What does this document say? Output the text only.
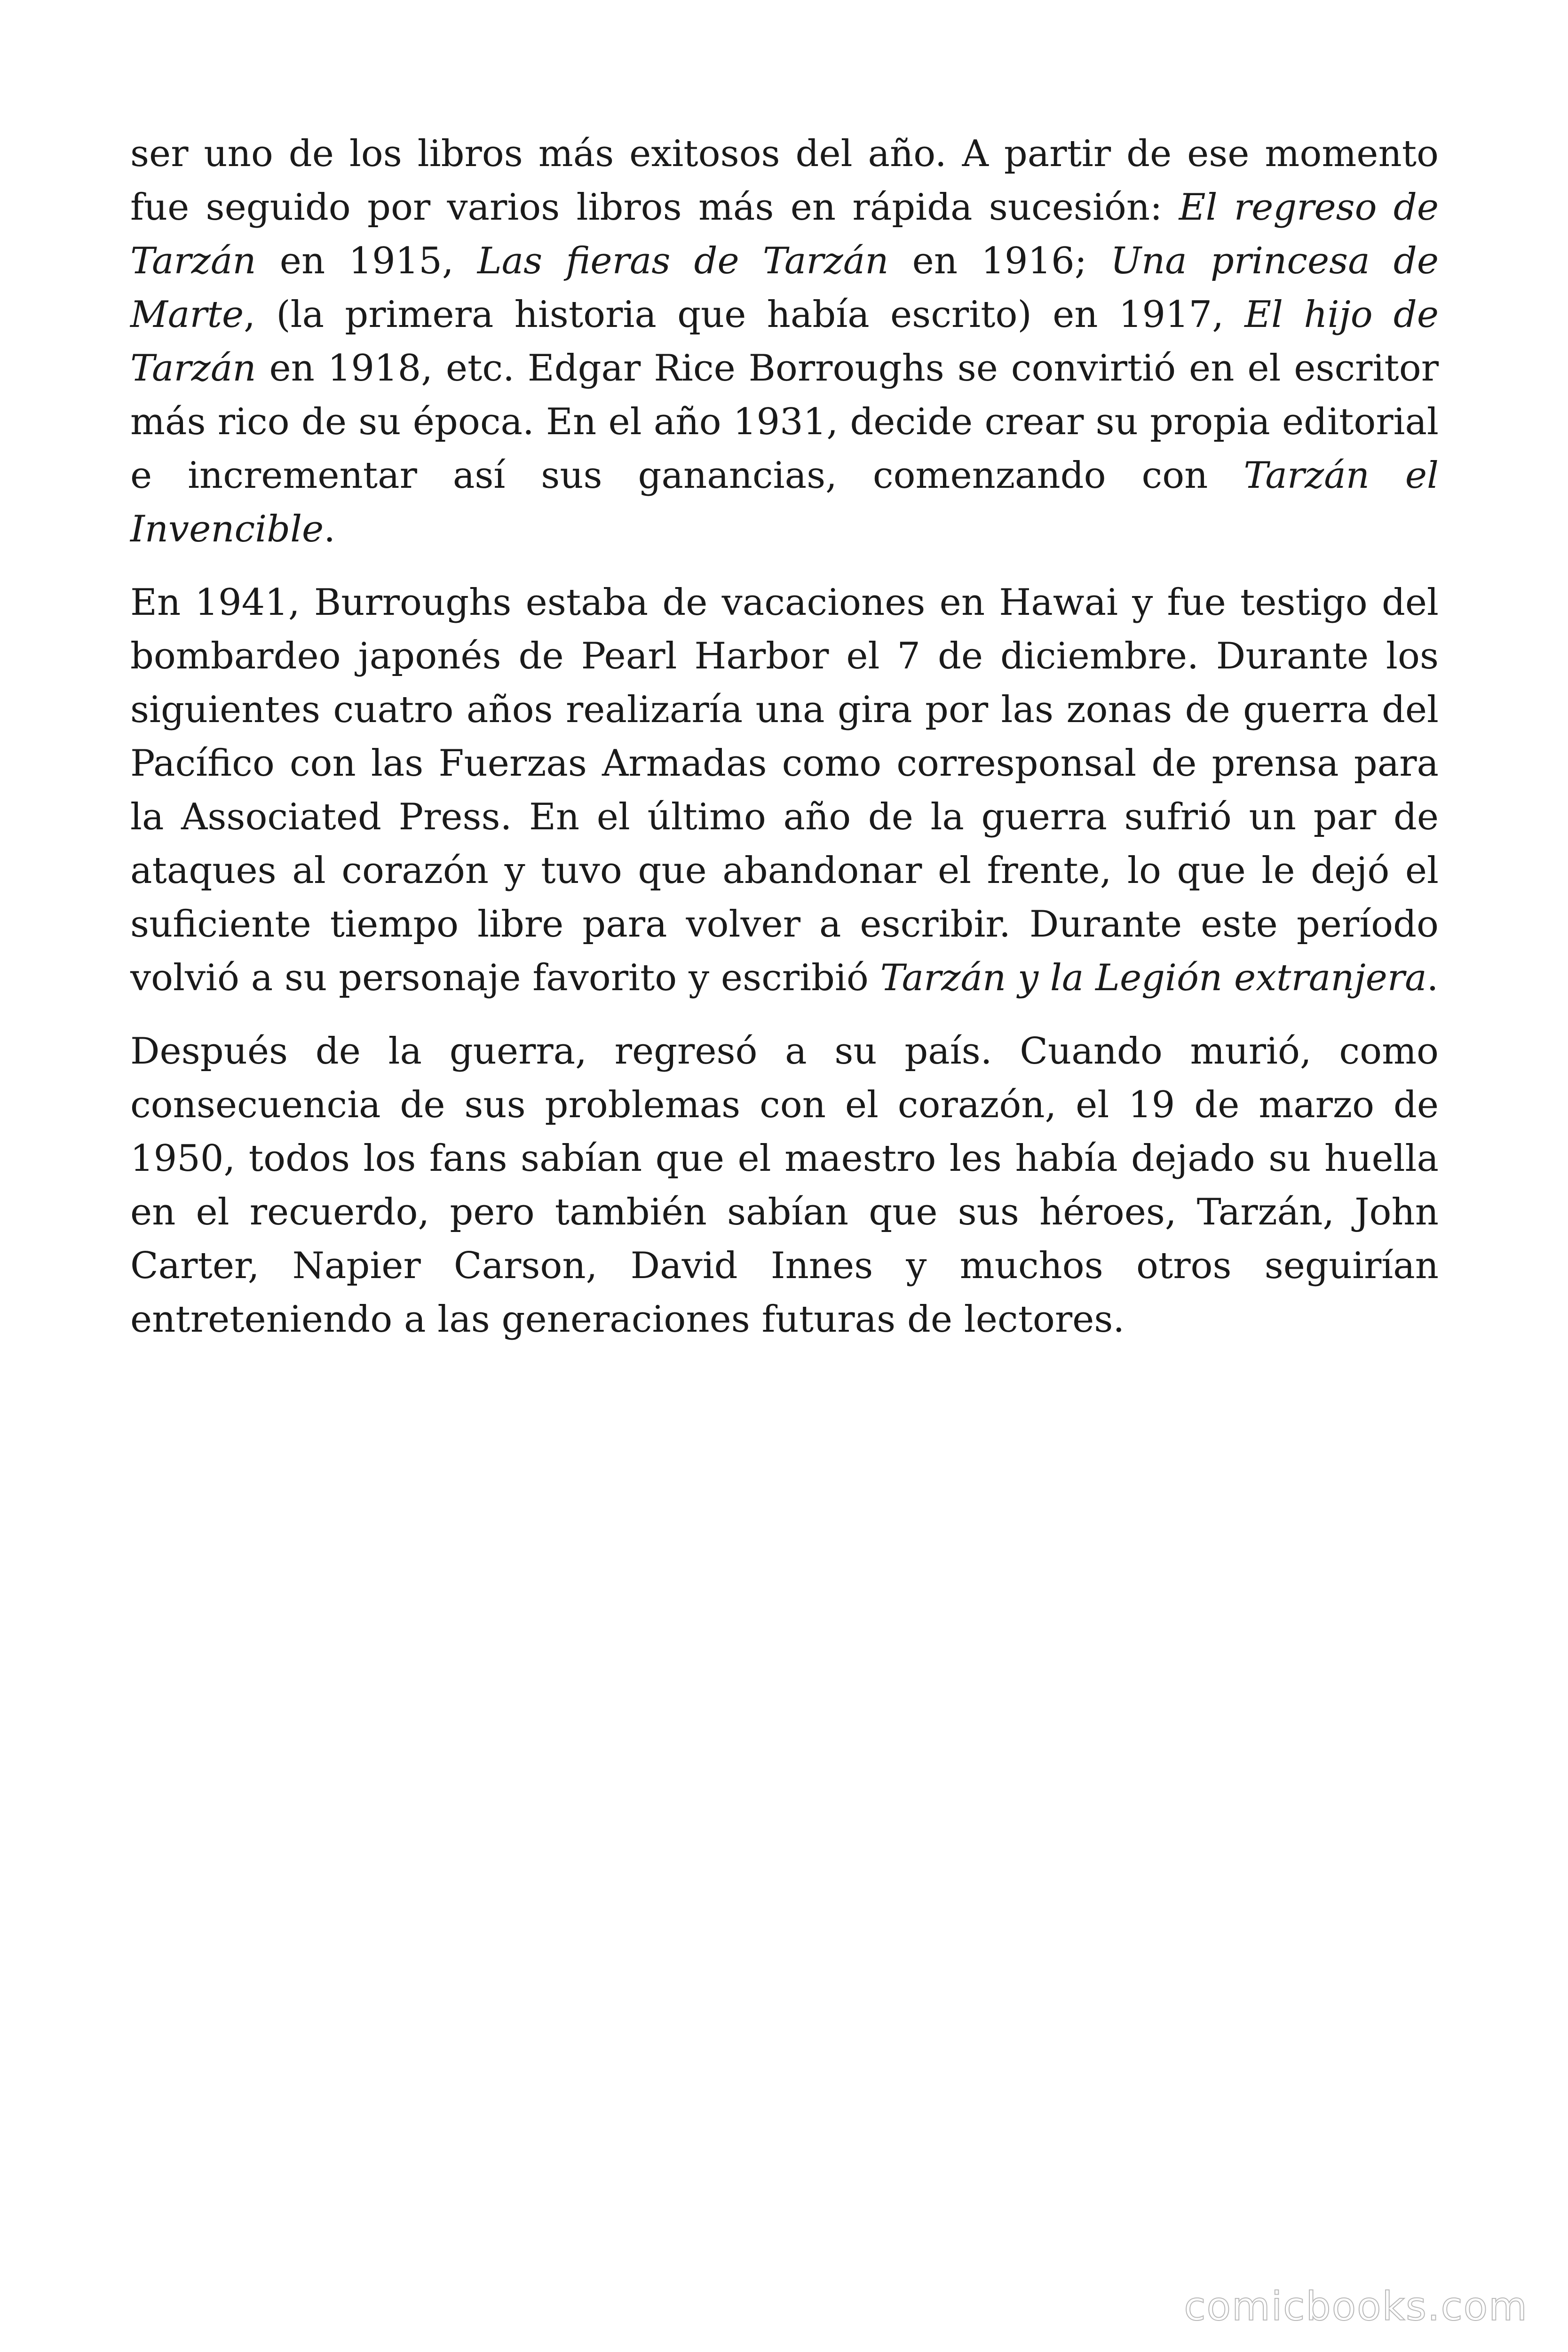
ser uno de los libros más exitosos del año. A partir de ese momento fue seguido por varios libros más en rápida sucesión: El regreso de Tarzán en 1915, Las fieras de Tarzán en 1916; Una princesa de Marte, (la primera historia que había escrito) en 1917, El hijo de Tarzán en 1918, etc. Edgar Rice Borroughs se convirtió en el escritor más rico de su época. En el año 1931, decide crear su propia editorial e incrementar así sus ganancias, comenzando con Tarzán el Invencible.

En 1941, Burroughs estaba de vacaciones en Hawai y fue testigo del bombardeo japonés de Pearl Harbor el 7 de diciembre. Durante los siguientes cuatro años realizaría una gira por las zonas de guerra del Pacífico con las Fuerzas Armadas como corresponsal de prensa para la Associated Press. En el último año de la guerra sufrió un par de ataques al corazón y tuvo que abandonar el frente, lo que le dejó el suficiente tiempo libre para volver a escribir. Durante este período volvió a su personaje favorito y escribió Tarzán y la Legión extranjera.

Después de la guerra, regresó a su país. Cuando murió, como consecuencia de sus problemas con el corazón, el 19 de marzo de 1950, todos los fans sabían que el maestro les había dejado su huella en el recuerdo, pero también sabían que sus héroes, Tarzán, John Carter, Napier Carson, David Innes y muchos otros seguirían entreteniendo a las generaciones futuras de lectores.

comicbooks.com
